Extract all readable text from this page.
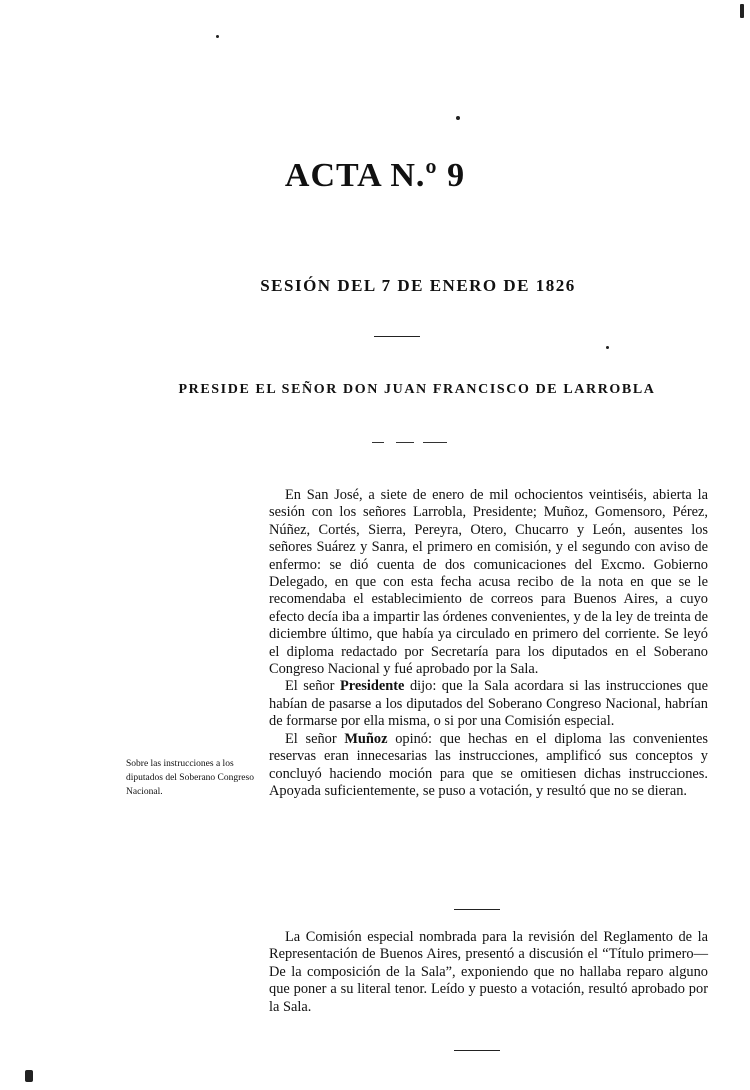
ACTA N.º 9
SESIÓN DEL 7 DE ENERO DE 1826
PRESIDE EL SEÑOR DON JUAN FRANCISCO DE LARROBLA

En San José, a siete de enero de mil ochocientos veintiséis, abierta la sesión con los señores Larrobla, Presidente; Muñoz, Gomensoro, Pérez, Núñez, Cortés, Sierra, Pereyra, Otero, Chucarro y León, ausentes los señores Suárez y Sanra, el primero en comisión, y el segundo con aviso de enfermo: se dió cuenta de dos comunicaciones del Excmo. Gobierno Delegado, en que con esta fecha acusa recibo de la nota en que se le recomendaba el establecimiento de correos para Buenos Aires, a cuyo efecto decía iba a impartir las órdenes convenientes, y de la ley de treinta de diciembre último, que había ya circulado en primero del corriente. Se leyó el diploma redactado por Secretaría para los diputados en el Soberano Congreso Nacional y fué aprobado por la Sala.

El señor Presidente dijo: que la Sala acordara si las instrucciones que habían de pasarse a los diputados del Soberano Congreso Nacional, habrían de formarse por ella misma, o si por una Comisión especial.

El señor Muñoz opinó: que hechas en el diploma las convenientes reservas eran innecesarias las instrucciones, amplificó sus conceptos y concluyó haciendo moción para que se omitiesen dichas instrucciones. Apoyada suficientemente, se puso a votación, y resultó que no se dieran.

Sobre las instrucciones a los diputados del Soberano Congreso Nacional.

La Comisión especial nombrada para la revisión del Reglamento de la Representación de Buenos Aires, presentó a discusión el “Título primero—De la composición de la Sala”, exponiendo que no hallaba reparo alguno que poner a su literal tenor. Leído y puesto a votación, resultó aprobado por la Sala.
